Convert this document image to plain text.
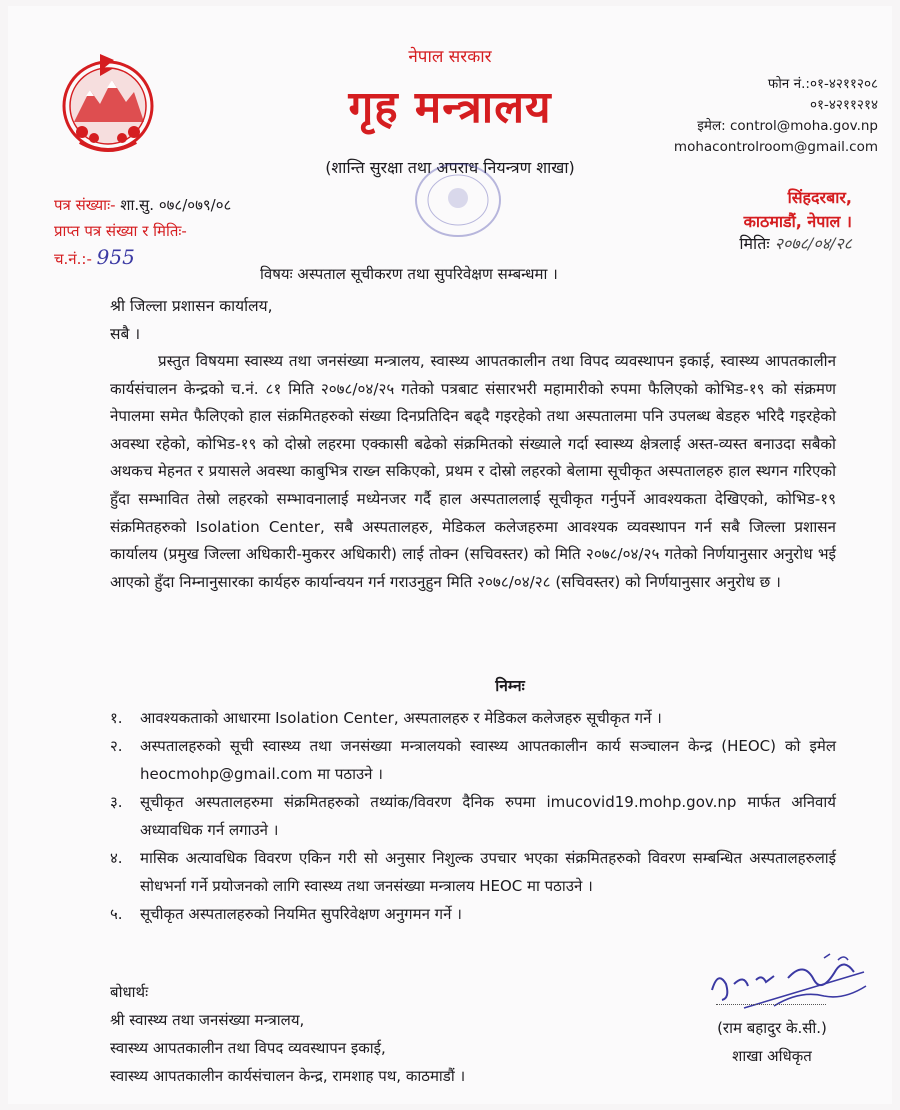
नेपाल सरकार
गृह मन्त्रालय
(शान्ति सुरक्षा तथा अपराध नियन्त्रण शाखा)
फोन नं.:०१-४२११२०८
०१-४२११२१४
इमेल: control@moha.gov.np
mohacontrolroom@gmail.com
सिंहदरबार,
काठमाडौं, नेपाल ।
मितिः २०७८/०४/२८
पत्र संख्याः- शा.सु. ०७८/०७९/०८
प्राप्त पत्र संख्या र मितिः-
च.नं.:- 955
विषयः अस्पताल सूचीकरण तथा सुपरिवेक्षण सम्बन्धमा ।
श्री जिल्ला प्रशासन कार्यालय,
सबै ।
प्रस्तुत विषयमा स्वास्थ्य तथा जनसंख्या मन्त्रालय, स्वास्थ्य आपतकालीन तथा विपद व्यवस्थापन इकाई, स्वास्थ्य आपतकालीन कार्यसंचालन केन्द्रको च.नं. ८१ मिति २०७८/०४/२५ गतेको पत्रबाट संसारभरी महामारीको रुपमा फैलिएको कोभिड-१९ को संक्रमण नेपालमा समेत फैलिएको हाल संक्रमितहरुको संख्या दिनप्रतिदिन बढ्दै गइरहेको तथा अस्पतालमा पनि उपलब्ध बेडहरु भरिदै गइरहेको अवस्था रहेको, कोभिड-१९ को दोस्रो लहरमा एक्कासी बढेको संक्रमितको संख्याले गर्दा स्वास्थ्य क्षेत्रलाई अस्त-व्यस्त बनाउदा सबैको अथकच मेहनत र प्रयासले अवस्था काबुभित्र राख्न सकिएको, प्रथम र दोस्रो लहरको बेलामा सूचीकृत अस्पतालहरु हाल स्थगन गरिएको हुँदा सम्भावित तेस्रो लहरको सम्भावनालाई मध्येनजर गर्दै हाल अस्पताललाई सूचीकृत गर्नुपर्ने आवश्यकता देखिएको, कोभिड-१९ संक्रमितहरुको Isolation Center, सबै अस्पतालहरु, मेडिकल कलेजहरुमा आवश्यक व्यवस्थापन गर्न सबै जिल्ला प्रशासन कार्यालय (प्रमुख जिल्ला अधिकारी-मुकरर अधिकारी) लाई तोक्न (सचिवस्तर) को मिति २०७८/०४/२५ गतेको निर्णयानुसार अनुरोध भई आएको हुँदा निम्नानुसारका कार्यहरु कार्यान्वयन गर्न गराउनुहुन मिति २०७८/०४/२८ (सचिवस्तर) को निर्णयानुसार अनुरोध छ ।
निम्नः
१. आवश्यकताको आधारमा Isolation Center, अस्पतालहरु र मेडिकल कलेजहरु सूचीकृत गर्ने ।
२. अस्पतालहरुको सूची स्वास्थ्य तथा जनसंख्या मन्त्रालयको स्वास्थ्य आपतकालीन कार्य सञ्चालन केन्द्र (HEOC) को इमेल heocmohp@gmail.com मा पठाउने ।
३. सूचीकृत अस्पतालहरुमा संक्रमितहरुको तथ्यांक/विवरण दैनिक रुपमा imucovid19.mohp.gov.np मार्फत अनिवार्य अध्यावधिक गर्न लगाउने ।
४. मासिक अत्यावधिक विवरण एकिन गरी सो अनुसार निशुल्क उपचार भएका संक्रमितहरुको विवरण सम्बन्धित अस्पतालहरुलाई सोधभर्ना गर्ने प्रयोजनको लागि स्वास्थ्य तथा जनसंख्या मन्त्रालय HEOC मा पठाउने ।
५. सूचीकृत अस्पतालहरुको नियमित सुपरिवेक्षण अनुगमन गर्ने ।
बोधार्थः
श्री स्वास्थ्य तथा जनसंख्या मन्त्रालय,
स्वास्थ्य आपतकालीन तथा विपद व्यवस्थापन इकाई,
स्वास्थ्य आपतकालीन कार्यसंचालन केन्द्र, रामशाह पथ, काठमाडौं ।
(राम बहादुर के.सी.)
शाखा अधिकृत
